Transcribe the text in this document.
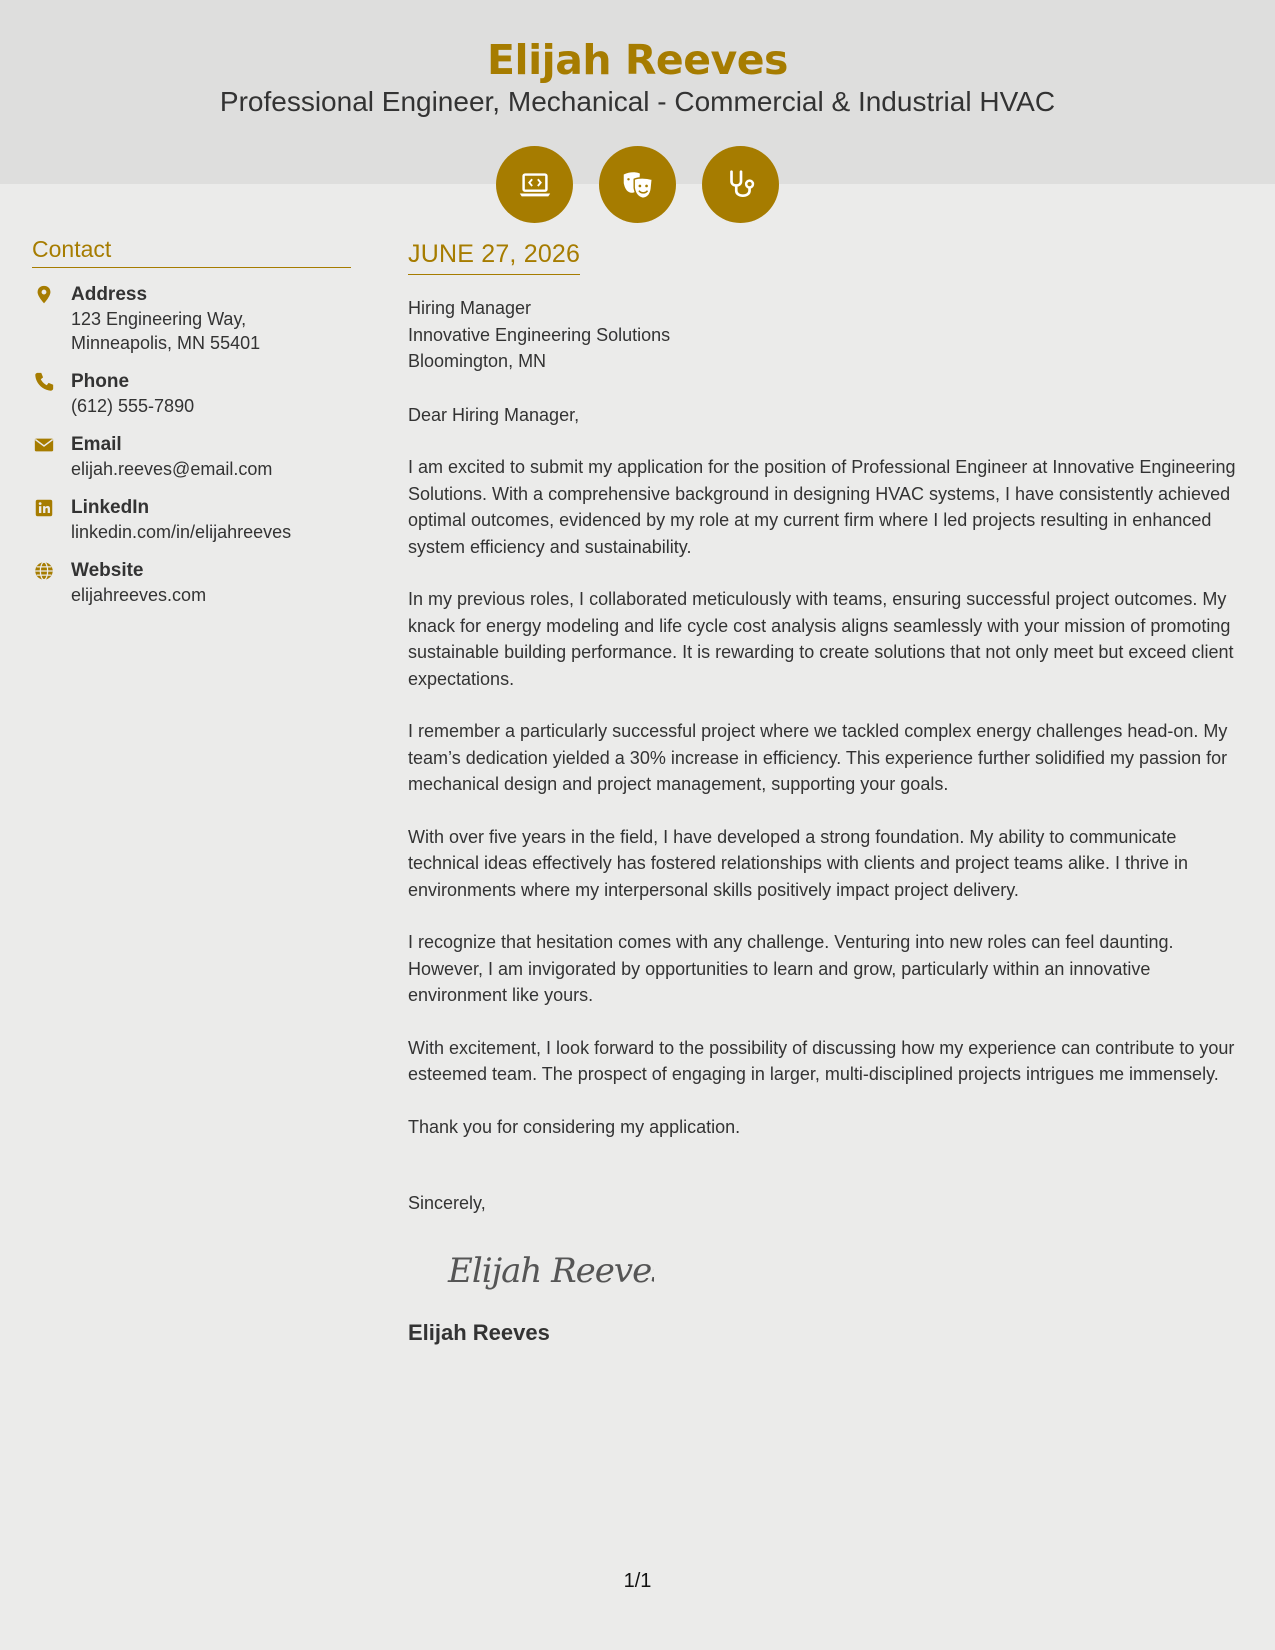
Elijah Reeves
Professional Engineer, Mechanical - Commercial & Industrial HVAC
Contact
Address
123 Engineering Way,
Minneapolis, MN 55401
Phone
(612) 555-7890
Email
elijah.reeves@email.com
LinkedIn
linkedin.com/in/elijahreeves
Website
elijahreeves.com
JUNE 27, 2026
Hiring Manager
Innovative Engineering Solutions
Bloomington, MN
Dear Hiring Manager,
I am excited to submit my application for the position of Professional Engineer at Innovative Engineering Solutions. With a comprehensive background in designing HVAC systems, I have consistently achieved optimal outcomes, evidenced by my role at my current firm where I led projects resulting in enhanced system efficiency and sustainability.
In my previous roles, I collaborated meticulously with teams, ensuring successful project outcomes. My knack for energy modeling and life cycle cost analysis aligns seamlessly with your mission of promoting sustainable building performance. It is rewarding to create solutions that not only meet but exceed client expectations.
I remember a particularly successful project where we tackled complex energy challenges head-on. My team’s dedication yielded a 30% increase in efficiency. This experience further solidified my passion for mechanical design and project management, supporting your goals.
With over five years in the field, I have developed a strong foundation. My ability to communicate technical ideas effectively has fostered relationships with clients and project teams alike. I thrive in environments where my interpersonal skills positively impact project delivery.
I recognize that hesitation comes with any challenge. Venturing into new roles can feel daunting. However, I am invigorated by opportunities to learn and grow, particularly within an innovative environment like yours.
With excitement, I look forward to the possibility of discussing how my experience can contribute to your esteemed team. The prospect of engaging in larger, multi-disciplined projects intrigues me immensely.
Thank you for considering my application.
Sincerely,
Elijah Reeves
Elijah Reeves
1/1
